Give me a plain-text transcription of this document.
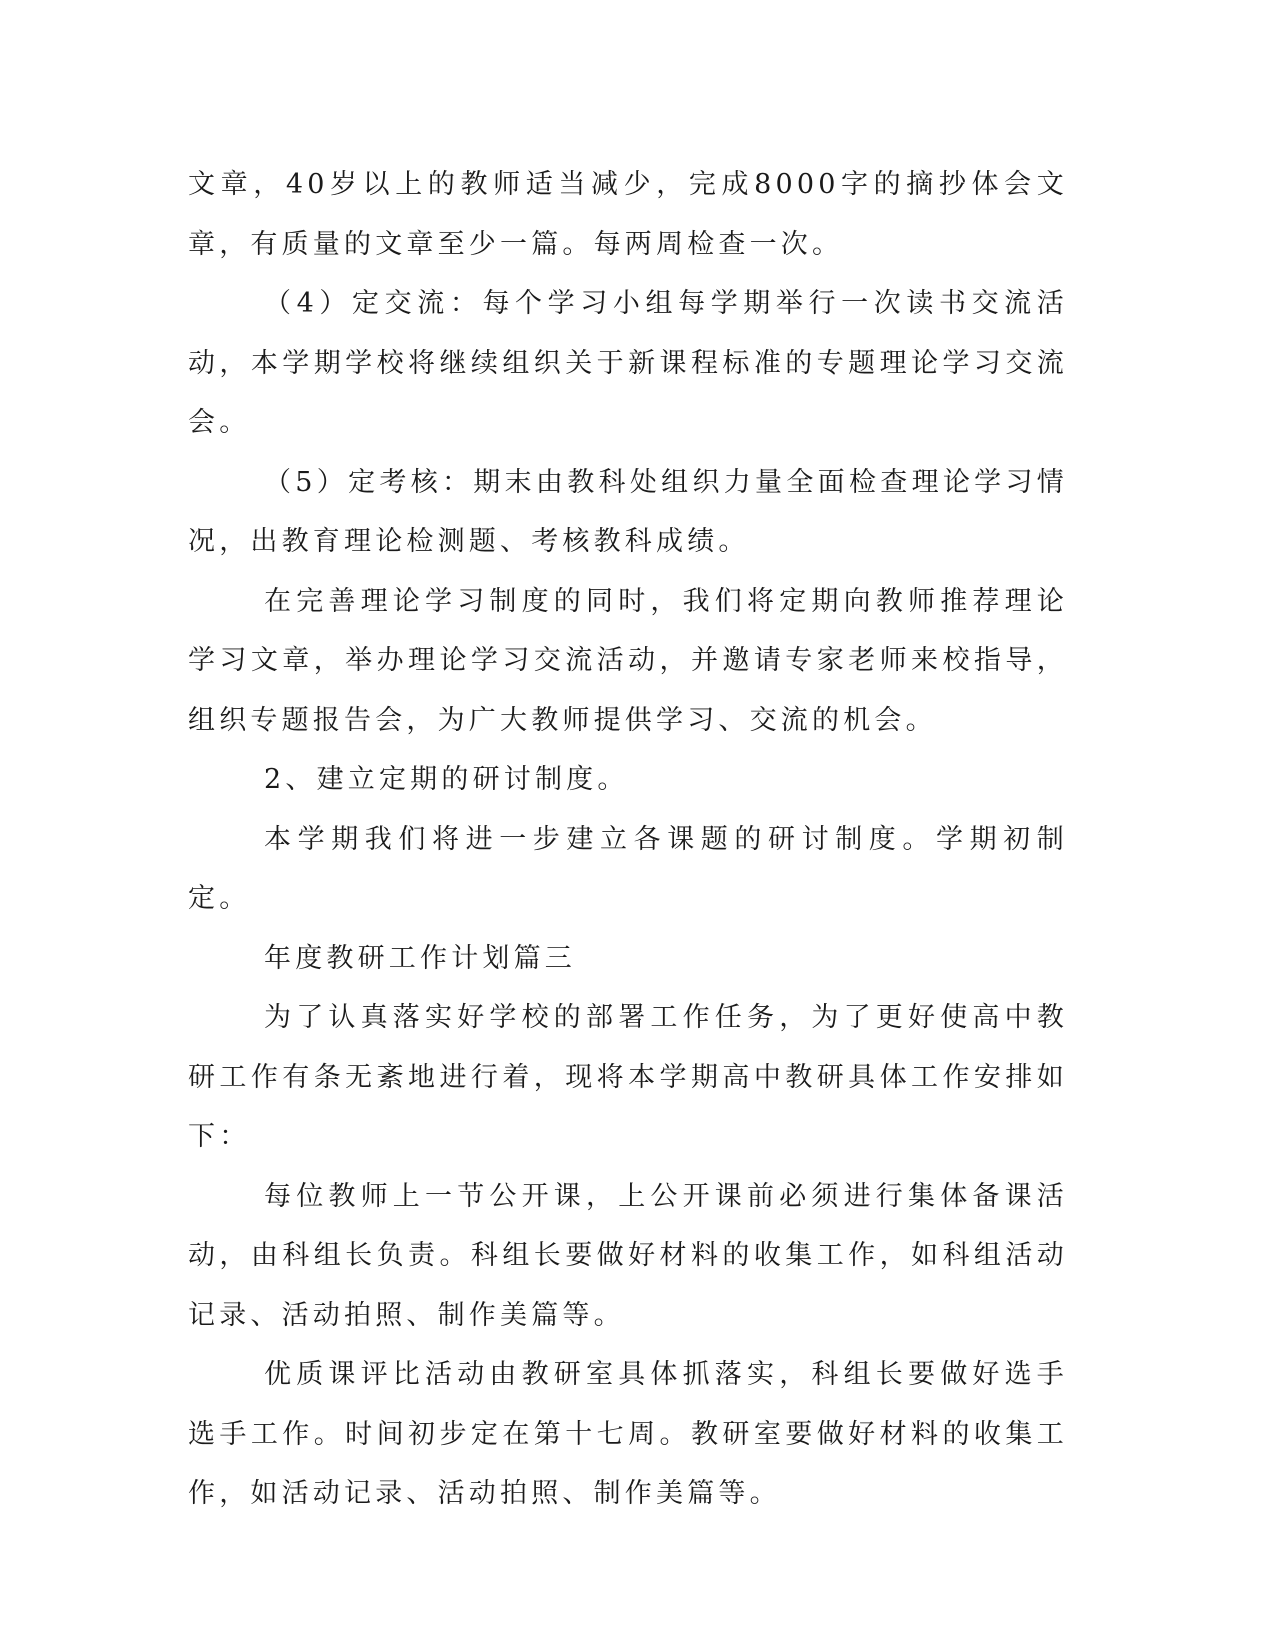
文章，40岁以上的教师适当减少，完成8000字的摘抄体会文章，有质量的文章至少一篇。每两周检查一次。

（4）定交流：每个学习小组每学期举行一次读书交流活动，本学期学校将继续组织关于新课程标准的专题理论学习交流会。

（5）定考核：期末由教科处组织力量全面检查理论学习情况，出教育理论检测题、考核教科成绩。

在完善理论学习制度的同时，我们将定期向教师推荐理论学习文章，举办理论学习交流活动，并邀请专家老师来校指导，组织专题报告会，为广大教师提供学习、交流的机会。

2、建立定期的研讨制度。

本学期我们将进一步建立各课题的研讨制度。学期初制定。

年度教研工作计划篇三

为了认真落实好学校的部署工作任务，为了更好使高中教研工作有条无紊地进行着，现将本学期高中教研具体工作安排如下：

每位教师上一节公开课，上公开课前必须进行集体备课活动，由科组长负责。科组长要做好材料的收集工作，如科组活动记录、活动拍照、制作美篇等。

优质课评比活动由教研室具体抓落实，科组长要做好选手选手工作。时间初步定在第十七周。教研室要做好材料的收集工作，如活动记录、活动拍照、制作美篇等。
